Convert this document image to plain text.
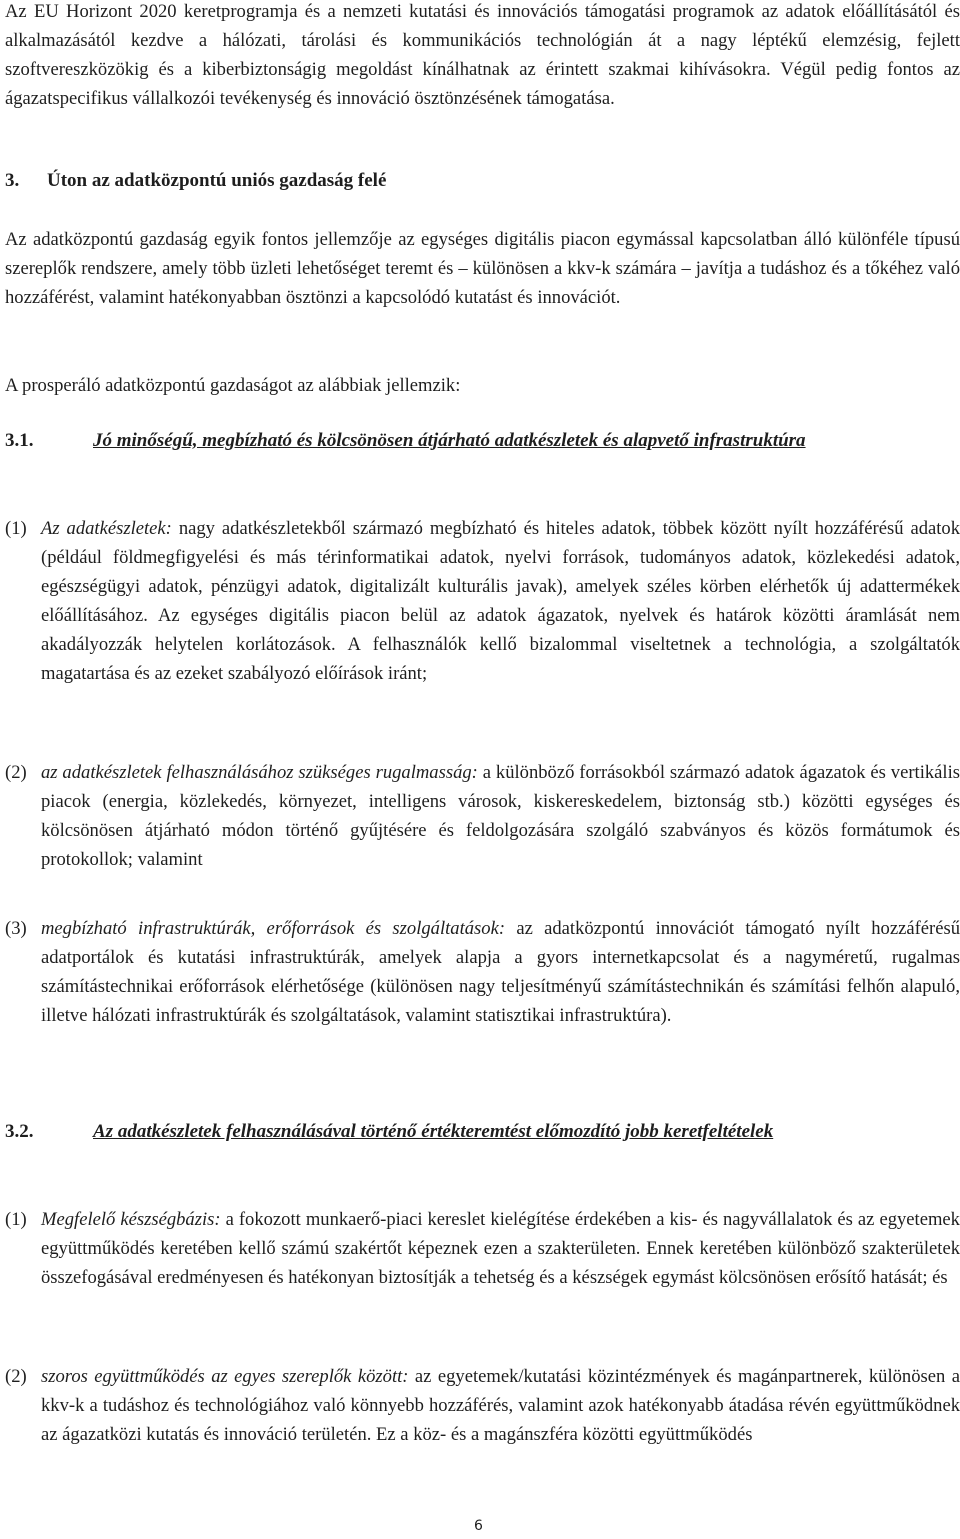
Az EU Horizont 2020 keretprogramja és a nemzeti kutatási és innovációs támogatási programok az adatok előállításától és alkalmazásától kezdve a hálózati, tárolási és kommunikációs technológián át a nagy léptékű elemzésig, fejlett szoftvereszközökig és a kiberbiztonságig megoldást kínálhatnak az érintett szakmai kihívásokra. Végül pedig fontos az ágazatspecifikus vállalkozói tevékenység és innováció ösztönzésének támogatása.

3. Úton az adatközpontú uniós gazdaság felé

Az adatközpontú gazdaság egyik fontos jellemzője az egységes digitális piacon egymással kapcsolatban álló különféle típusú szereplők rendszere, amely több üzleti lehetőséget teremt és – különösen a kkv-k számára – javítja a tudáshoz és a tőkéhez való hozzáférést, valamint hatékonyabban ösztönzi a kapcsolódó kutatást és innovációt.

A prosperáló adatközpontú gazdaságot az alábbiak jellemzik:

3.1.	Jó minőségű, megbízható és kölcsönösen átjárható adatkészletek és alapvető infrastruktúra
(1) Az adatkészletek: nagy adatkészletekből származó megbízható és hiteles adatok, többek között nyílt hozzáférésű adatok (például földmegfigyelési és más térinformatikai adatok, nyelvi források, tudományos adatok, közlekedési adatok, egészségügyi adatok, pénzügyi adatok, digitalizált kulturális javak), amelyek széles körben elérhetők új adattermékek előállításához. Az egységes digitális piacon belül az adatok ágazatok, nyelvek és határok közötti áramlását nem akadályozzák helytelen korlátozások. A felhasználók kellő bizalommal viseltetnek a technológia, a szolgáltatók magatartása és az ezeket szabályozó előírások iránt;
(2) az adatkészletek felhasználásához szükséges rugalmasság: a különböző forrásokból származó adatok ágazatok és vertikális piacok (energia, közlekedés, környezet, intelligens városok, kiskereskedelem, biztonság stb.) közötti egységes és kölcsönösen átjárható módon történő gyűjtésére és feldolgozására szolgáló szabványos és közös formátumok és protokollok; valamint
(3) megbízható infrastruktúrák, erőforrások és szolgáltatások: az adatközpontú innovációt támogató nyílt hozzáférésű adatportálok és kutatási infrastruktúrák, amelyek alapja a gyors internetkapcsolat és a nagyméretű, rugalmas számítástechnikai erőforrások elérhetősége (különösen nagy teljesítményű számítástechnikán és számítási felhőn alapuló, illetve hálózati infrastruktúrák és szolgáltatások, valamint statisztikai infrastruktúra).
3.2.	Az adatkészletek felhasználásával történő értékteremtést előmozdító jobb keretfeltételek
(1) Megfelelő készségbázis: a fokozott munkaerő-piaci kereslet kielégítése érdekében a kis- és nagyvállalatok és az egyetemek együttműködés keretében kellő számú szakértőt képeznek ezen a szakterületen. Ennek keretében különböző szakterületek összefogásával eredményesen és hatékonyan biztosítják a tehetség és a készségek egymást kölcsönösen erősítő hatását; és
(2) szoros együttműködés az egyes szereplők között: az egyetemek/kutatási közintézmények és magánpartnerek, különösen a kkv-k a tudáshoz és technológiához való könnyebb hozzáférés, valamint azok hatékonyabb átadása révén együttműködnek az ágazatközi kutatás és innováció területén. Ez a köz- és a magánszféra közötti együttműködés
6
